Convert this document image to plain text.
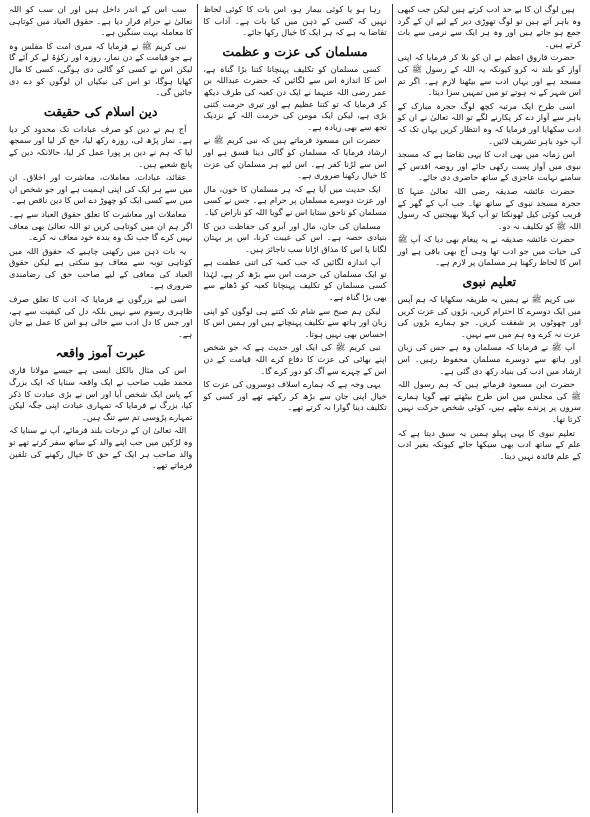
ہیں لوگ ان کا بے حد ادب کرتے ہیں لیکن جب کبھی وہ باہر آتے ہیں تو لوگ تھوڑی دیر کے لیے ان کے گرد جمع ہو جاتے ہیں اور وہ ہر ایک سے نرمی سے بات کرتے ہیں۔

حضرت فاروق اعظم نے ان کو بلا کر فرمایا کہ اپنی آواز کو بلند نہ کرو کیونکہ یہ اللہ کے رسول ﷺ کی مسجد ہے اور یہاں ادب سے بیٹھنا لازم ہے۔ اگر تم اس شہر کے نہ ہوتے تو میں تمہیں سزا دیتا۔

اسی طرح ایک مرتبہ کچھ لوگ حجرہ مبارک کے باہر سے آواز دے کر پکارنے لگے تو اللہ تعالیٰ نے ان کو ادب سکھایا اور فرمایا کہ وہ انتظار کریں یہاں تک کہ آپ خود باہر تشریف لائیں۔

اس زمانہ میں بھی ادب کا یہی تقاضا ہے کہ مسجد نبوی میں آواز پست رکھی جائے اور روضہ اقدس کے سامنے نہایت عاجزی کے ساتھ حاضری دی جائے۔

حضرت عائشہ صدیقہ رضی اللہ تعالیٰ عنہا کا حجرہ مسجد نبوی کے ساتھ تھا۔ جب آپ کے گھر کے قریب کوئی کیل ٹھونکتا تو آپ کہلا بھیجتیں کہ رسول اللہ ﷺ کو تکلیف نہ دو۔

حضرت عائشہ صدیقہ نے یہ پیغام بھی دیا کہ آپ ﷺ کی حیات میں جو ادب تھا وہی آج بھی باقی ہے اور اس کا لحاظ رکھنا ہر مسلمان پر لازم ہے۔

تعلیم نبوی

نبی کریم ﷺ نے ہمیں یہ طریقہ سکھایا کہ ہم آپس میں ایک دوسرے کا احترام کریں، بڑوں کی عزت کریں اور چھوٹوں پر شفقت کریں۔ جو ہمارے بڑوں کی عزت نہ کرے وہ ہم میں سے نہیں۔

آپ ﷺ نے فرمایا کہ مسلمان وہ ہے جس کی زبان اور ہاتھ سے دوسرے مسلمان محفوظ رہیں۔ اس ارشاد میں ادب کی بنیاد رکھ دی گئی ہے۔

حضرت ابن مسعود فرماتے ہیں کہ ہم رسول اللہ ﷺ کی مجلس میں اس طرح بیٹھتے تھے گویا ہمارے سروں پر پرندے بیٹھے ہیں، کوئی شخص حرکت نہیں کرتا تھا۔

تعلیم نبوی کا یہی پہلو ہمیں یہ سبق دیتا ہے کہ علم کے ساتھ ادب بھی سیکھا جائے کیونکہ بغیر ادب کے علم فائدہ نہیں دیتا۔

رہا ہو یا کوئی بیمار ہو، اس بات کا کوئی لحاظ نہیں کہ کسی کے ذہن میں کیا بات ہے۔ آداب کا تقاضا یہ ہے کہ ہر ایک کا خیال رکھا جائے۔

مسلمان کی عزت و عظمت

کسی مسلمان کو تکلیف پہنچانا کتنا بڑا گناہ ہے، اس کا اندازہ اس سے لگائیں کہ حضرت عبداللہ بن عمر رضی اللہ عنہما نے ایک دن کعبہ کی طرف دیکھ کر فرمایا کہ تو کتنا عظیم ہے اور تیری حرمت کتنی بڑی ہے، لیکن ایک مومن کی حرمت اللہ کے نزدیک تجھ سے بھی زیادہ ہے۔

حضرت ابن مسعود فرماتے ہیں کہ نبی کریم ﷺ نے ارشاد فرمایا کہ مسلمان کو گالی دینا فسق ہے اور اس سے لڑنا کفر ہے۔ اس لیے ہر مسلمان کی عزت کا خیال رکھنا ضروری ہے۔

ایک حدیث میں آیا ہے کہ ہر مسلمان کا خون، مال اور عزت دوسرے مسلمان پر حرام ہے۔ جس نے کسی مسلمان کو ناحق ستایا اس نے گویا اللہ کو ناراض کیا۔

مسلمان کی جان، مال اور آبرو کی حفاظت دین کا بنیادی حصہ ہے۔ اس کی غیبت کرنا، اس پر بہتان لگانا یا اس کا مذاق اڑانا سب ناجائز ہیں۔

آپ اندازہ لگائیں کہ جب کعبہ کی اتنی عظمت ہے تو ایک مسلمان کی حرمت اس سے بڑھ کر ہے، لہٰذا کسی مسلمان کو تکلیف پہنچانا کعبہ کو ڈھانے سے بھی بڑا گناہ ہے۔

لیکن ہم صبح سے شام تک کتنے ہی لوگوں کو اپنی زبان اور ہاتھ سے تکلیف پہنچاتے ہیں اور ہمیں اس کا احساس بھی نہیں ہوتا۔

نبی کریم ﷺ کی ایک اور حدیث ہے کہ جو شخص اپنے بھائی کی عزت کا دفاع کرے اللہ قیامت کے دن اس کے چہرے سے آگ کو دور کرے گا۔

یہی وجہ ہے کہ ہمارے اسلاف دوسروں کی عزت کا خیال اپنی جان سے بڑھ کر رکھتے تھے اور کسی کو تکلیف دینا گوارا نہ کرتے تھے۔

سب اس کے اندر داخل ہیں اور ان سب کو اللہ تعالیٰ نے حرام قرار دیا ہے۔ حقوق العباد میں کوتاہی کا معاملہ بہت سنگین ہے۔

نبی کریم ﷺ نے فرمایا کہ میری امت کا مفلس وہ ہے جو قیامت کے دن نماز، روزہ اور زکوٰۃ لے کر آئے گا لیکن اس نے کسی کو گالی دی ہوگی، کسی کا مال کھایا ہوگا، تو اس کی نیکیاں ان لوگوں کو دے دی جائیں گی۔

دین اسلام کی حقیقت

آج ہم نے دین کو صرف عبادات تک محدود کر دیا ہے۔ نماز پڑھ لی، روزہ رکھ لیا، حج کر لیا اور سمجھ لیا کہ ہم نے دین پر پورا عمل کر لیا، حالانکہ دین کے پانچ شعبے ہیں۔

عقائد، عبادات، معاملات، معاشرت اور اخلاق۔ ان میں سے ہر ایک کی اپنی اہمیت ہے اور جو شخص ان میں سے کسی ایک کو چھوڑ دے اس کا دین ناقص ہے۔

معاملات اور معاشرت کا تعلق حقوق العباد سے ہے۔ اگر ہم ان میں کوتاہی کریں تو اللہ تعالیٰ بھی معاف نہیں کرے گا جب تک وہ بندہ خود معاف نہ کرے۔

یہ بات ذہن میں رکھنی چاہیے کہ حقوق اللہ میں کوتاہی توبہ سے معاف ہو سکتی ہے لیکن حقوق العباد کی معافی کے لیے صاحب حق کی رضامندی ضروری ہے۔

اسی لیے بزرگوں نے فرمایا کہ ادب کا تعلق صرف ظاہری رسوم سے نہیں بلکہ دل کی کیفیت سے ہے، اور جس کا دل ادب سے خالی ہو اس کا عمل بے جان ہے۔

عبرت آموز واقعہ

اس کی مثال بالکل ایسی ہے جیسے مولانا قاری محمد طیب صاحب نے ایک واقعہ سنایا کہ ایک بزرگ کے پاس ایک شخص آیا اور اس نے بڑی عبادت کا ذکر کیا، بزرگ نے فرمایا کہ تمہاری عبادت اپنی جگہ لیکن تمہارے پڑوسی تم سے تنگ ہیں۔

اللہ تعالیٰ ان کے درجات بلند فرمائے، آپ نے سنایا کہ وہ لڑکپن میں جب اپنے والد کے ساتھ سفر کرتے تھے تو والد صاحب ہر ایک کے حق کا خیال رکھنے کی تلقین فرماتے تھے۔
